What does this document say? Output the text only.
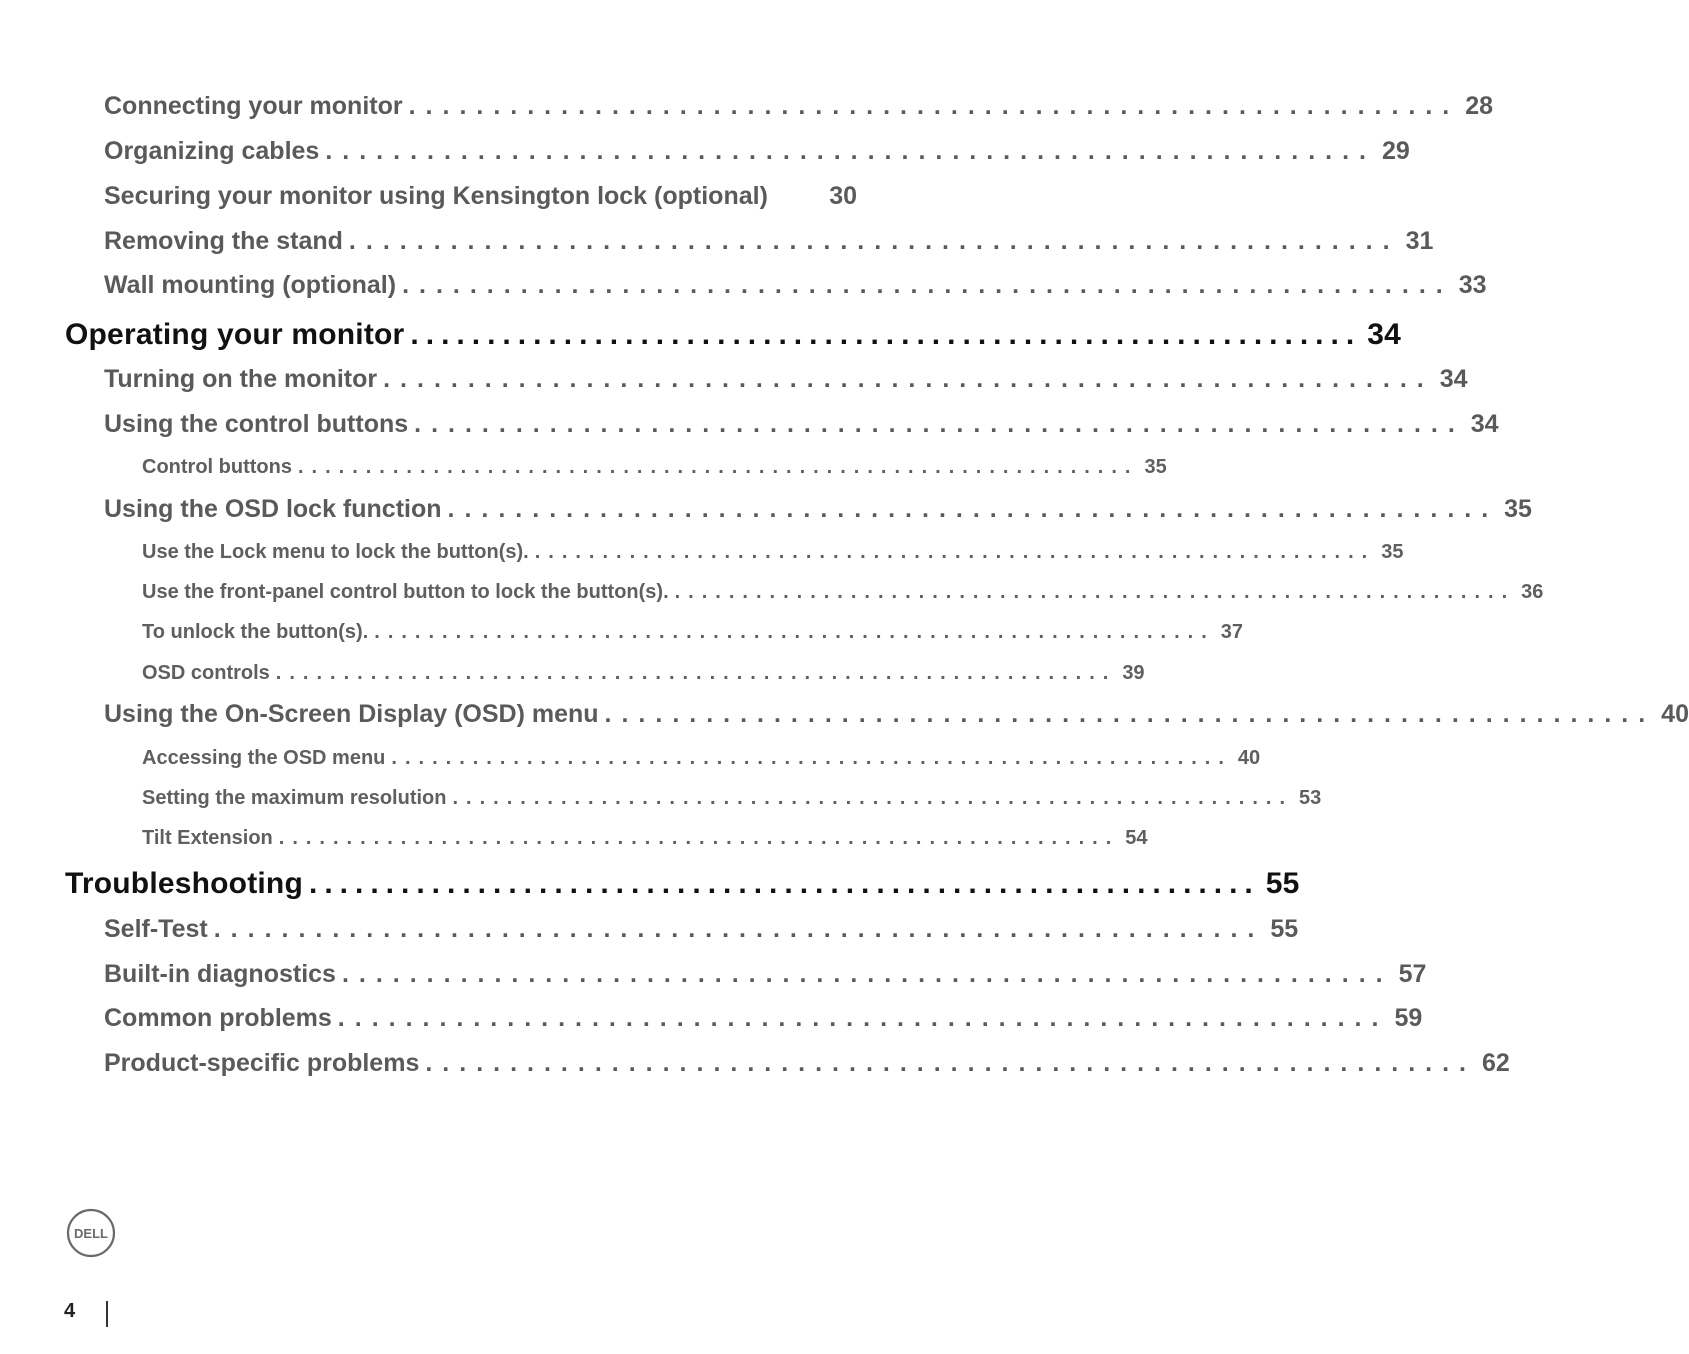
Connecting your monitor .............................................................. 28
Organizing cables .............................................................. 29
Securing your monitor using Kensington lock (optional) 30
Removing the stand .............................................................. 31
Wall mounting (optional) .............................................................. 33
Operating your monitor .............................................................. 34
Turning on the monitor .............................................................. 34
Using the control buttons .............................................................. 34
Control buttons .............................................................. 35
Using the OSD lock function .............................................................. 35
Use the Lock menu to lock the button(s). .............................................................. 35
Use the front-panel control button to lock the button(s). .............................................................. 36
To unlock the button(s). .............................................................. 37
OSD controls .............................................................. 39
Using the On-Screen Display (OSD) menu .............................................................. 40
Accessing the OSD menu .............................................................. 40
Setting the maximum resolution .............................................................. 53
Tilt Extension .............................................................. 54
Troubleshooting .............................................................. 55
Self-Test .............................................................. 55
Built-in diagnostics .............................................................. 57
Common problems .............................................................. 59
Product-specific problems .............................................................. 62
DELL
4
